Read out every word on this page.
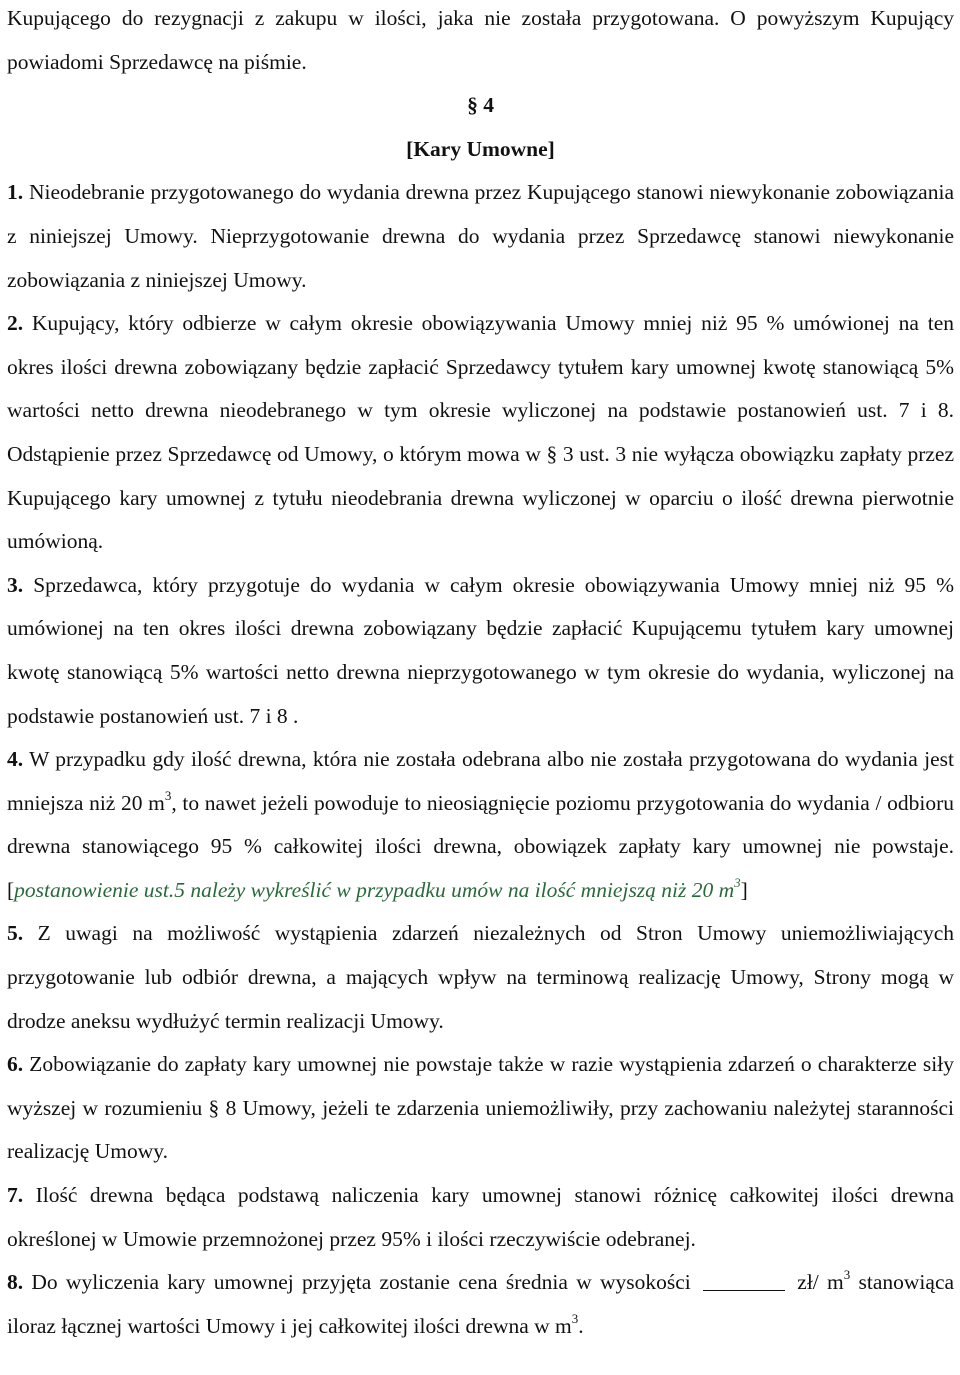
Kupującego do rezygnacji z zakupu w ilości, jaka nie została przygotowana. O powyższym Kupujący powiadomi Sprzedawcę na piśmie.

§ 4

[Kary Umowne]

1. Nieodebranie przygotowanego do wydania drewna przez Kupującego stanowi niewykonanie zobowiązania z niniejszej Umowy. Nieprzygotowanie drewna do wydania przez Sprzedawcę stanowi niewykonanie zobowiązania z niniejszej Umowy.

2. Kupujący, który odbierze w całym okresie obowiązywania Umowy mniej niż 95 % umówionej na ten okres ilości drewna zobowiązany będzie zapłacić Sprzedawcy tytułem kary umownej kwotę stanowiącą 5% wartości netto drewna nieodebranego w tym okresie wyliczonej na podstawie postanowień ust. 7 i 8. Odstąpienie przez Sprzedawcę od Umowy, o którym mowa w § 3 ust. 3 nie wyłącza obowiązku zapłaty przez Kupującego kary umownej z tytułu nieodebrania drewna wyliczonej w oparciu o ilość drewna pierwotnie umówioną.

3. Sprzedawca, który przygotuje do wydania w całym okresie obowiązywania Umowy mniej niż 95 % umówionej na ten okres ilości drewna zobowiązany będzie zapłacić Kupującemu tytułem kary umownej kwotę stanowiącą 5% wartości netto drewna nieprzygotowanego w tym okresie do wydania, wyliczonej na podstawie postanowień ust. 7 i 8 .

4. W przypadku gdy ilość drewna, która nie została odebrana albo nie została przygotowana do wydania jest mniejsza niż 20 $m^3$, to nawet jeżeli powoduje to nieosiągnięcie poziomu przygotowania do wydania / odbioru drewna stanowiącego 95 % całkowitej ilości drewna, obowiązek zapłaty kary umownej nie powstaje.[postanowienie ust.5 należy wykreślić w przypadku umów na ilość mniejszą niż 20 m$^3$]

5. Z uwagi na możliwość wystąpienia zdarzeń niezależnych od Stron Umowy uniemożliwiających przygotowanie lub odbiór drewna, a mających wpływ na terminową realizację Umowy, Strony mogą w drodze aneksu wydłużyć termin realizacji Umowy.

6. Zobowiązanie do zapłaty kary umownej nie powstaje także w razie wystąpienia zdarzeń o charakterze siły wyższej w rozumieniu § 8 Umowy, jeżeli te zdarzenia uniemożliwiły, przy zachowaniu należytej staranności realizację Umowy.

7. Ilość drewna będąca podstawą naliczenia kary umownej stanowi różnicę całkowitej ilości drewna określonej w Umowie przemnożonej przez 95% i ilości rzeczywiście odebranej.

8. Do wyliczenia kary umownej przyjęta zostanie cena średnia w wysokości	zł/ $m^3$ stanowiąca iloraz łącznej wartości Umowy i jej całkowitej ilości drewna w $m^3$.
